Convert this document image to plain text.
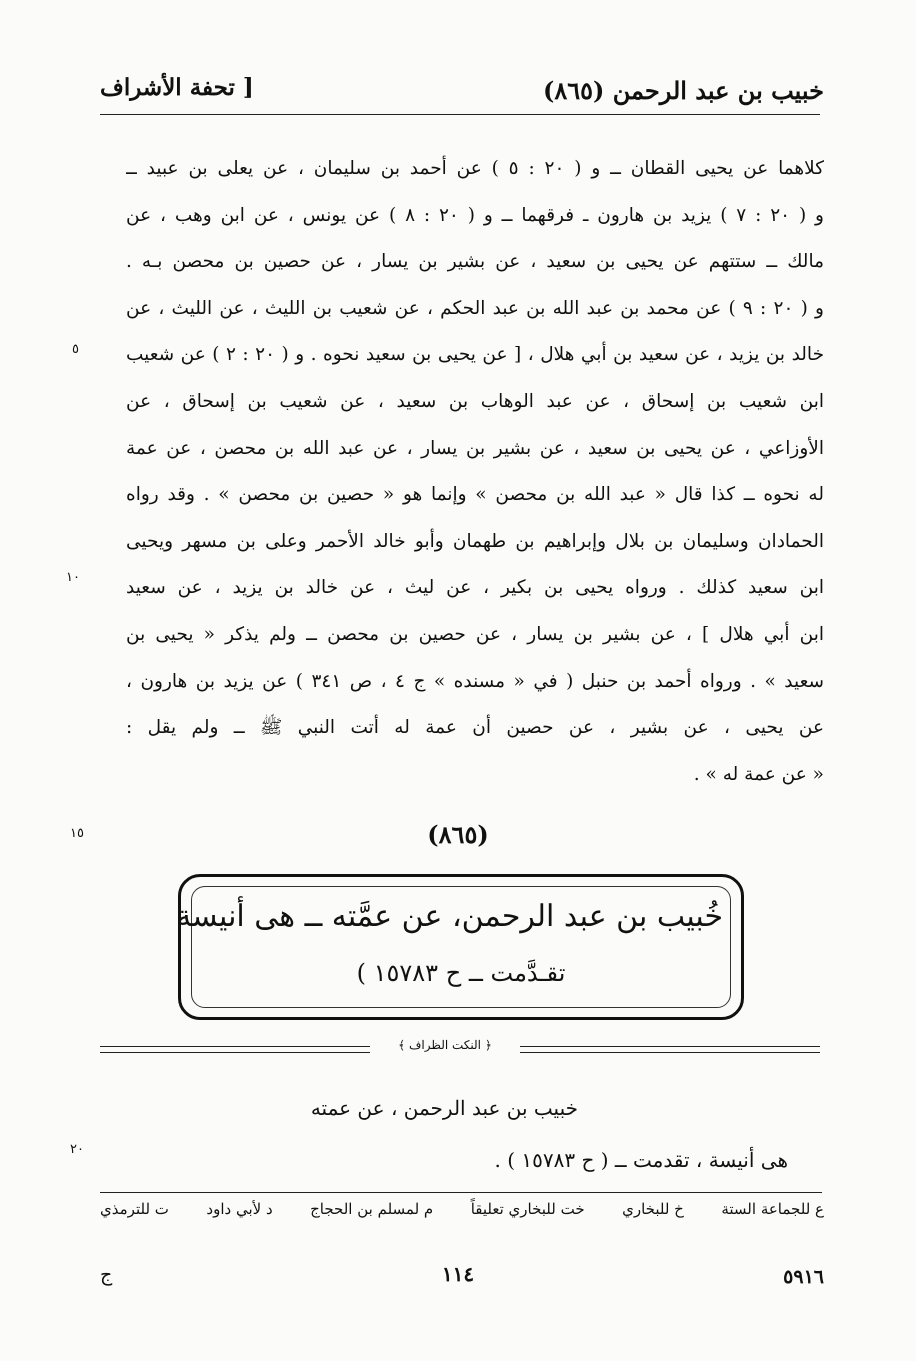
خبيب بن عبد الرحمن (٨٦٥)
[ تحفة الأشراف
كلاهما عن يحيى القطان ــ و ( ٢٠ : ٥ ) عن أحمد بن سليمان ، عن يعلى بن عبيد ــ
و ( ٢٠ : ٧ ) يزيد بن هارون ـ فرقهما ــ و ( ٢٠ : ٨ ) عن يونس ، عن ابن وهب ، عن
مالك ــ ستتهم عن يحيى بن سعيد ، عن بشير بن يسار ، عن حصين بن محصن بـه .
و ( ٢٠ : ٩ ) عن محمد بن عبد الله بن عبد الحكم ، عن شعيب بن الليث ، عن الليث ، عن
خالد بن يزيد ، عن سعيد بن أبي هلال ، [ عن يحيى بن سعيد نحوه . و ( ٢٠ : ٢ ) عن شعيب
ابن شعيب بن إسحاق ، عن عبد الوهاب بن سعيد ، عن شعيب بن إسحاق ، عن
الأوزاعي ، عن يحيى بن سعيد ، عن بشير بن يسار ، عن عبد الله بن محصن ، عن عمة
له نحوه ــ كذا قال « عبد الله بن محصن » وإنما هو « حصين بن محصن » . وقد رواه
الحمادان وسليمان بن بلال وإبراهيم بن طهمان وأبو خالد الأحمر وعلى بن مسهر ويحيى
ابن سعيد كذلك . ورواه يحيى بن بكير ، عن ليث ، عن خالد بن يزيد ، عن سعيد
ابن أبي هلال ] ، عن بشير بن يسار ، عن حصين بن محصن ــ ولم يذكر « يحيى بن
سعيد » . ورواه أحمد بن حنبل ( في « مسنده » ج ٤ ، ص ٣٤١ ) عن يزيد بن هارون ،
عن يحيى ، عن بشير ، عن حصين أن عمة له أتت النبي ﷺ ــ ولم يقل :
« عن عمة له » .
٥
١٠
١٥
٢٠
(٨٦٥)
خُبيب بن عبد الرحمن، عن عمَّته ــ هى أنيسة
تقـدَّمت ــ ح ١٥٧٨٣ )
﴿ النكت الظراف ﴾
خبيب بن عبد الرحمن ، عن عمته
هى أنيسة ، تقدمت ــ ( ح ١٥٧٨٣ ) .
ع للجماعة الستة
خ للبخاري
خت للبخاري تعليقاً
م لمسلم بن الحجاج
د لأبي داود
ت للترمذي
٥٩١٦
١١٤
ج
